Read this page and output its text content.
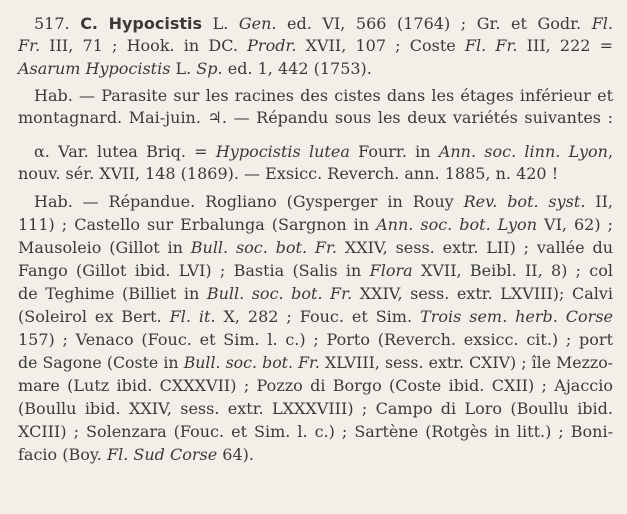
517. C. Hypocistis L. Gen. ed. VI, 566 (1764) ; Gr. et Godr. Fl.
Fr. III, 71 ; Hook. in DC. Prodr. XVII, 107 ; Coste Fl. Fr. III, 222 =
Asarum Hypocistis L. Sp. ed. 1, 442 (1753).
Hab. — Parasite sur les racines des cistes dans les étages inférieur et
montagnard. Mai-juin. ♃. — Répandu sous les deux variétés suivantes :
α. Var. lutea Briq. = Hypocistis lutea Fourr. in Ann. soc. linn. Lyon,
nouv. sér. XVII, 148 (1869). — Exsicc. Reverch. ann. 1885, n. 420 !
Hab. — Répandue. Rogliano (Gysperger in Rouy Rev. bot. syst. II,
111) ; Castello sur Erbalunga (Sargnon in Ann. soc. bot. Lyon VI, 62) ;
Mausoleio (Gillot in Bull. soc. bot. Fr. XXIV, sess. extr. LII) ; vallée du
Fango (Gillot ibid. LVI) ; Bastia (Salis in Flora XVII, Beibl. II, 8) ; col
de Teghime (Billiet in Bull. soc. bot. Fr. XXIV, sess. extr. LXVIII); Calvi
(Soleirol ex Bert. Fl. it. X, 282 ; Fouc. et Sim. Trois sem. herb. Corse
157) ; Venaco (Fouc. et Sim. l. c.) ; Porto (Reverch. exsicc. cit.) ; port
de Sagone (Coste in Bull. soc. bot. Fr. XLVIII, sess. extr. CXIV) ; île Mezzo-
mare (Lutz ibid. CXXXVII) ; Pozzo di Borgo (Coste ibid. CXII) ; Ajaccio
(Boullu ibid. XXIV, sess. extr. LXXXVIII) ; Campo di Loro (Boullu ibid.
XCIII) ; Solenzara (Fouc. et Sim. l. c.) ; Sartène (Rotgès in litt.) ; Boni-
facio (Boy. Fl. Sud Corse 64).
